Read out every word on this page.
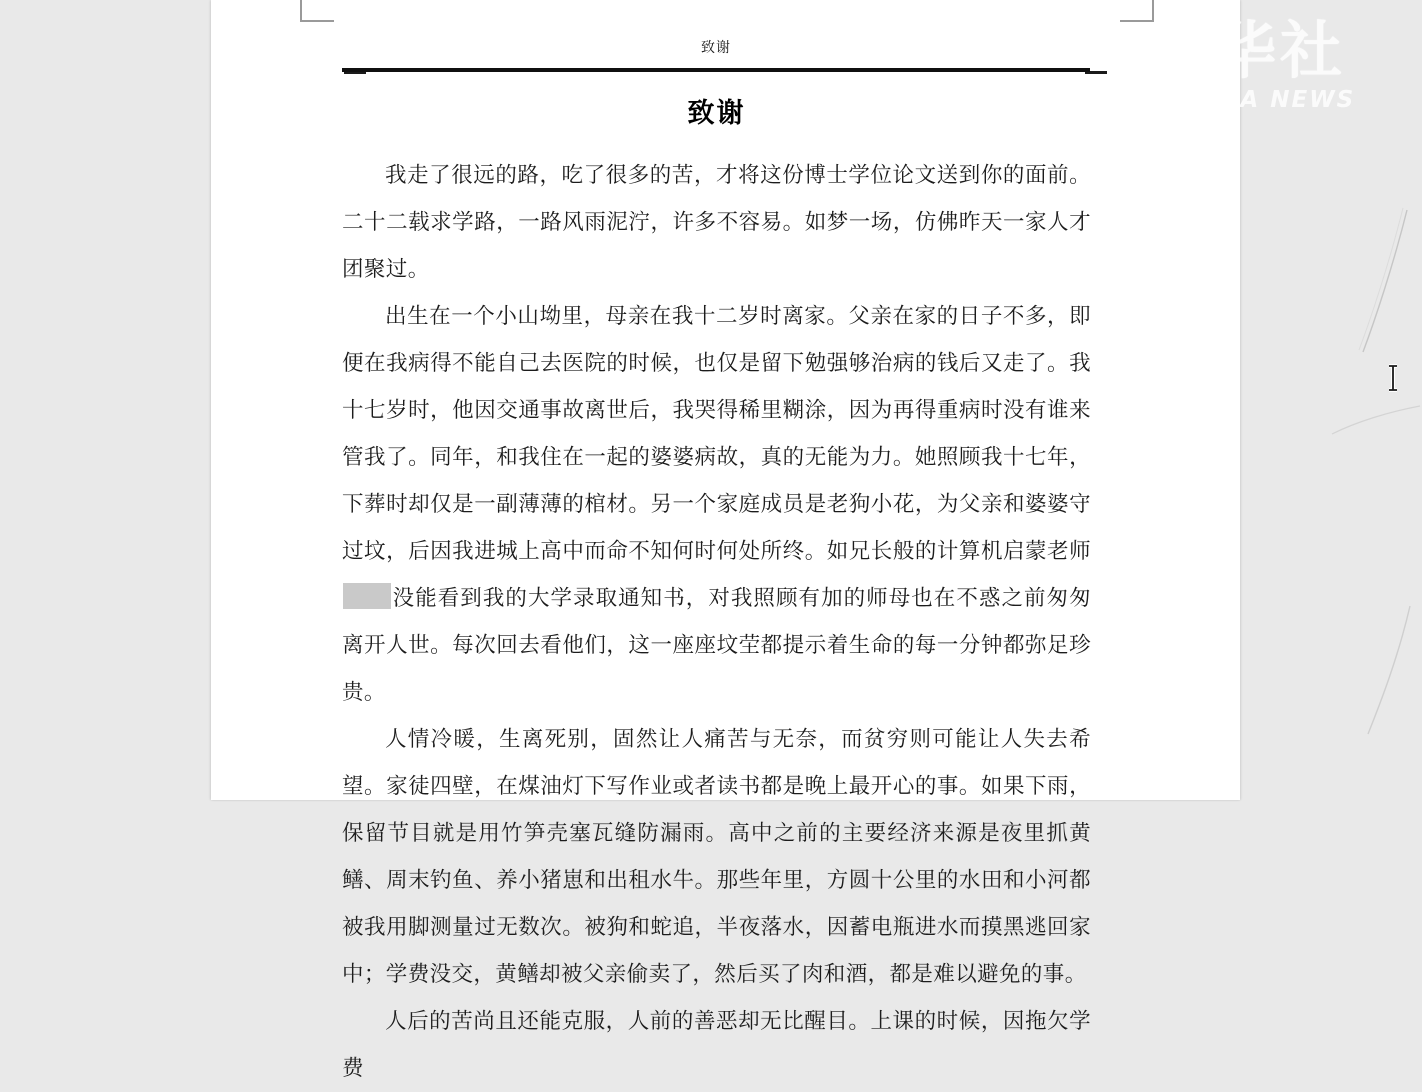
致谢
致谢

我走了很远的路，吃了很多的苦，才将这份博士学位论文送到你的面前。二十二载求学路，一路风雨泥泞，许多不容易。如梦一场，仿佛昨天一家人才团聚过。

出生在一个小山坳里，母亲在我十二岁时离家。父亲在家的日子不多，即便在我病得不能自己去医院的时候，也仅是留下勉强够治病的钱后又走了。我十七岁时，他因交通事故离世后，我哭得稀里糊涂，因为再得重病时没有谁来管我了。同年，和我住在一起的婆婆病故，真的无能为力。她照顾我十七年，下葬时却仅是一副薄薄的棺材。另一个家庭成员是老狗小花，为父亲和婆婆守过坟，后因我进城上高中而命不知何时何处所终。如兄长般的计算机启蒙老师没能看到我的大学录取通知书，对我照顾有加的师母也在不惑之前匆匆离开人世。每次回去看他们，这一座座坟茔都提示着生命的每一分钟都弥足珍贵。

人情冷暖，生离死别，固然让人痛苦与无奈，而贫穷则可能让人失去希望。家徒四壁，在煤油灯下写作业或者读书都是晚上最开心的事。如果下雨，保留节目就是用竹笋壳塞瓦缝防漏雨。高中之前的主要经济来源是夜里抓黄鳝、周末钓鱼、养小猪崽和出租水牛。那些年里，方圆十公里的水田和小河都被我用脚测量过无数次。被狗和蛇追，半夜落水，因蓄电瓶进水而摸黑逃回家中；学费没交，黄鳝却被父亲偷卖了，然后买了肉和酒，都是难以避免的事。

人后的苦尚且还能克服，人前的善恶却无比醒目。上课的时候，因拖欠学费

新华社
XINHUA NEWS
